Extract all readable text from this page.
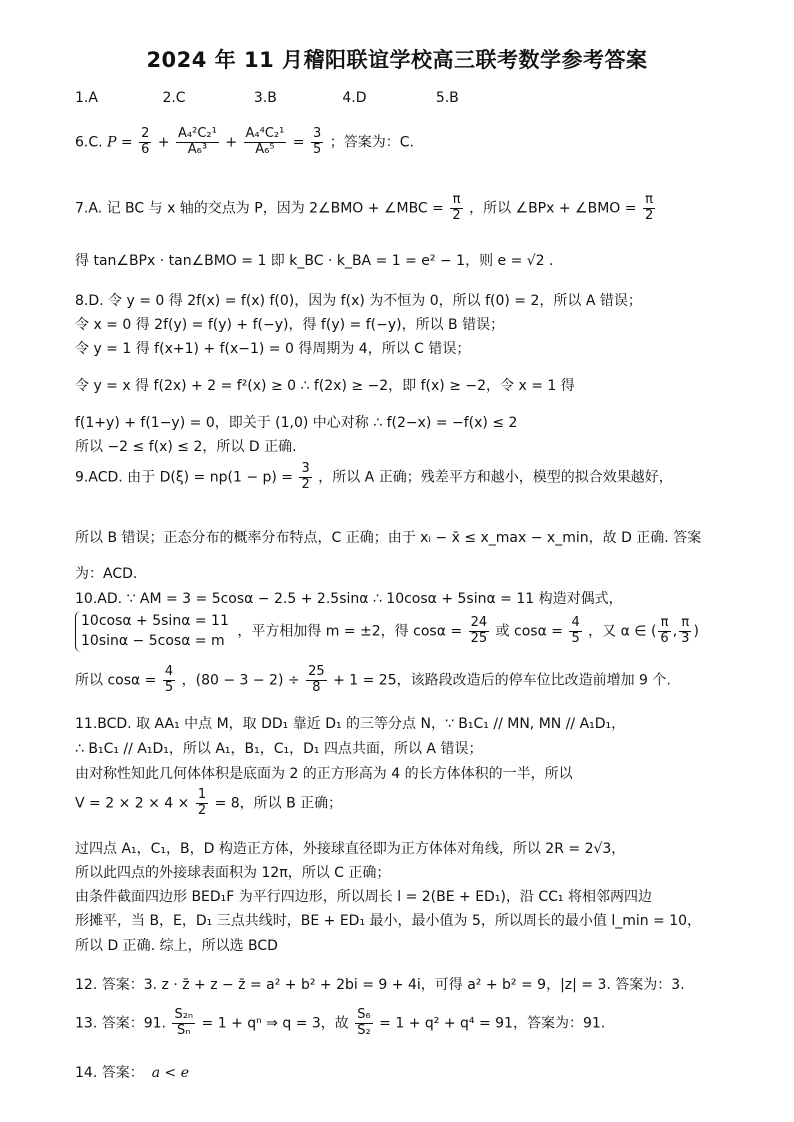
2024 年 11 月稽阳联谊学校高三联考数学参考答案
1.A	2.C	3.B	4.D	5.B
6.C. $P = \frac{2}{6} + \frac{\text{A₄²C₂¹}}{\text{A₆³}} + \frac{\text{A₄⁴C₂¹}}{\text{A₆⁵}} = \frac{3}{5}$ ；答案为：C.
7.A. 记 BC 与 x 轴的交点为 P，因为 2∠BMO + ∠MBC = $\frac{\pi}{2}$ ，所以 ∠BPx + ∠BMO = $\frac{\pi}{2}$
得 tan∠BPx · tan∠BMO = 1 即 k_BC · k_BA = 1 = e² − 1，则 e = √2 .
8.D. 令 y = 0 得 2f(x) = f(x) f(0)，因为 f(x) 为不恒为 0，所以 f(0) = 2，所以 A 错误；
令 x = 0 得 2f(y) = f(y) + f(−y)，得 f(y) = f(−y)，所以 B 错误；
令 y = 1 得 f(x+1) + f(x−1) = 0 得周期为 4，所以 C 错误；
令 y = x 得 f(2x) + 2 = f²(x) ≥ 0 ∴ f(2x) ≥ −2，即 f(x) ≥ −2，令 x = 1 得
f(1+y) + f(1−y) = 0，即关于 (1,0) 中心对称 ∴ f(2−x) = −f(x) ≤ 2
所以 −2 ≤ f(x) ≤ 2，所以 D 正确.
9.ACD. 由于 $D(\xi) = np(1 - p) = \frac{3}{2}$ ，所以 A 正确；残差平方和越小，模型的拟合效果越好，
所以 B 错误；正态分布的概率分布特点，C 正确；由于 xᵢ − x̄ ≤ x_max − x_min，故 D 正确. 答案
为：ACD.
10.AD. ∵ AM = 3 = 5cosα − 2.5 + 2.5sinα ∴ 10cosα + 5sinα = 11 构造对偶式，
10cosα + 5sinα = 11
10sinα − 5cosα = m
，平方相加得 m = ±2，得 $\cos\alpha = \frac{24}{25}$ 或 $\cos\alpha = \frac{4}{5}$ ，又 α ∈ ( $\frac{\pi}{6}$ , $\frac{\pi}{3}$ )
所以 $\cos\alpha = \frac{4}{5}$ ，$(80 - 3 - 2) \div \frac{25}{8} + 1 = 25$，该路段改造后的停车位比改造前增加 9 个.
11.BCD. 取 AA₁ 中点 M，取 DD₁ 靠近 D₁ 的三等分点 N，∵ B₁C₁ // MN, MN // A₁D₁，
∴ B₁C₁ // A₁D₁，所以 A₁，B₁，C₁，D₁ 四点共面，所以 A 错误；
由对称性知此几何体体积是底面为 2 的正方形高为 4 的长方体体积的一半，所以
$V = 2 \times 2 \times 4 \times \frac{1}{2} = 8$，所以 B 正确；
过四点 A₁，C₁，B，D 构造正方体，外接球直径即为正方体体对角线，所以 2R = 2√3，
所以此四点的外接球表面积为 12π，所以 C 正确；
由条件截面四边形 BED₁F 为平行四边形，所以周长 l = 2(BE + ED₁)，沿 CC₁ 将相邻两四边
形摊平，当 B，E，D₁ 三点共线时，BE + ED₁ 最小，最小值为 5，所以周长的最小值 l_min = 10，
所以 D 正确. 综上，所以选 BCD
12. 答案：3. z · z̄ + z − z̄ = a² + b² + 2bi = 9 + 4i，可得 a² + b² = 9，|z| = 3. 答案为：3.
13. 答案：91. $\frac{\text{S₂ₙ}}{\text{Sₙ}} = 1 + q^n$ ⇒ q = 3，故 $\frac{\text{S₆}}{\text{S₂}} = 1 + q^2 + q^4 = 91$，答案为：91.
14. 答案： a < e
